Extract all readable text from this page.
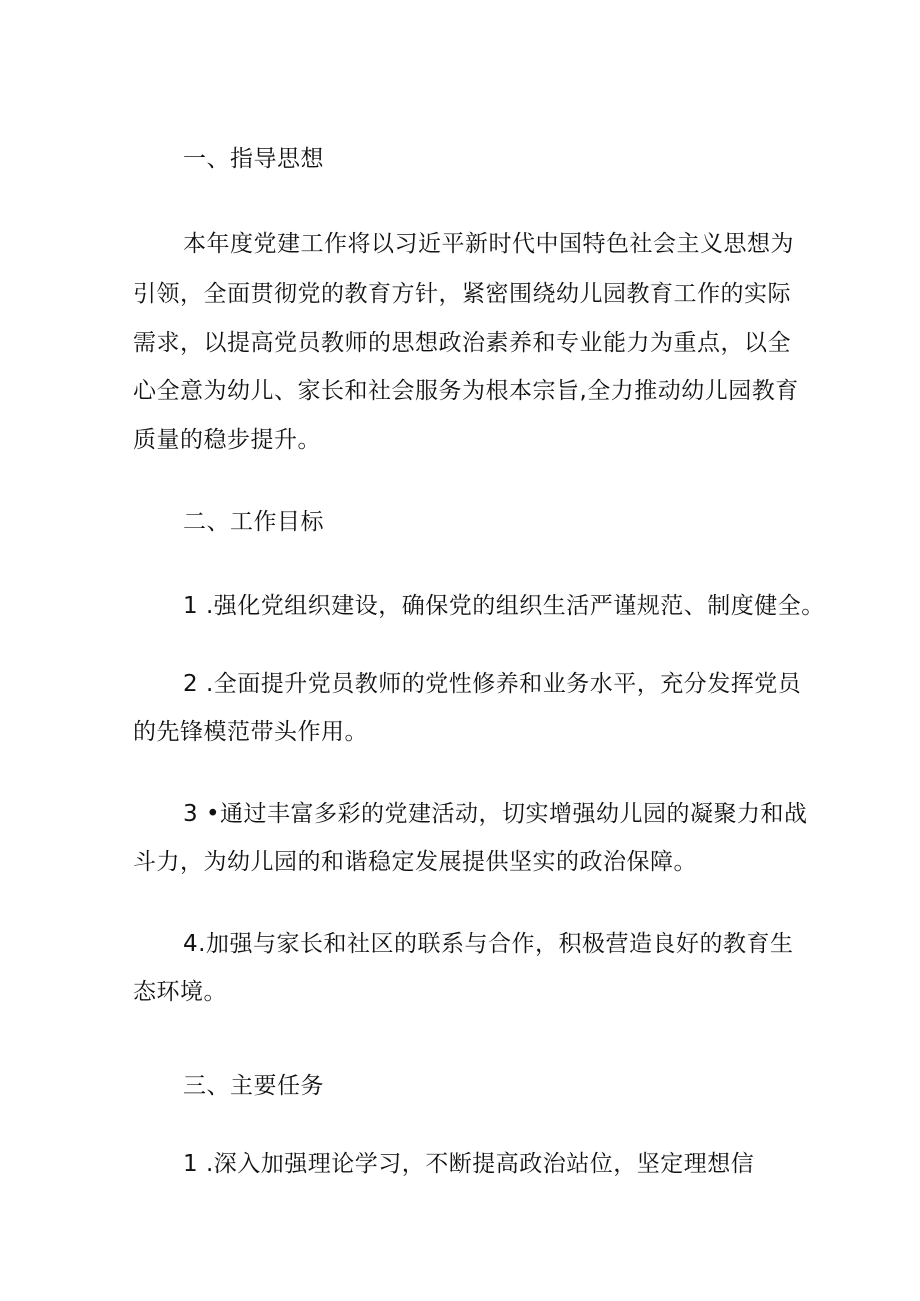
一、指导思想
本年度党建工作将以习近平新时代中国特色社会主义思想为
引领，全面贯彻党的教育方针，紧密围绕幼儿园教育工作的实际
需求，以提高党员教师的思想政治素养和专业能力为重点，以全
心全意为幼儿、家长和社会服务为根本宗旨,全力推动幼儿园教育
质量的稳步提升。
二、工作目标
1 .强化党组织建设，确保党的组织生活严谨规范、制度健全。
2 .全面提升党员教师的党性修养和业务水平，充分发挥党员
的先锋模范带头作用。
3 •通过丰富多彩的党建活动，切实增强幼儿园的凝聚力和战
斗力，为幼儿园的和谐稳定发展提供坚实的政治保障。
4.加强与家长和社区的联系与合作，积极营造良好的教育生
态环境。
三、主要任务
1 .深入加强理论学习，不断提高政治站位，坚定理想信
